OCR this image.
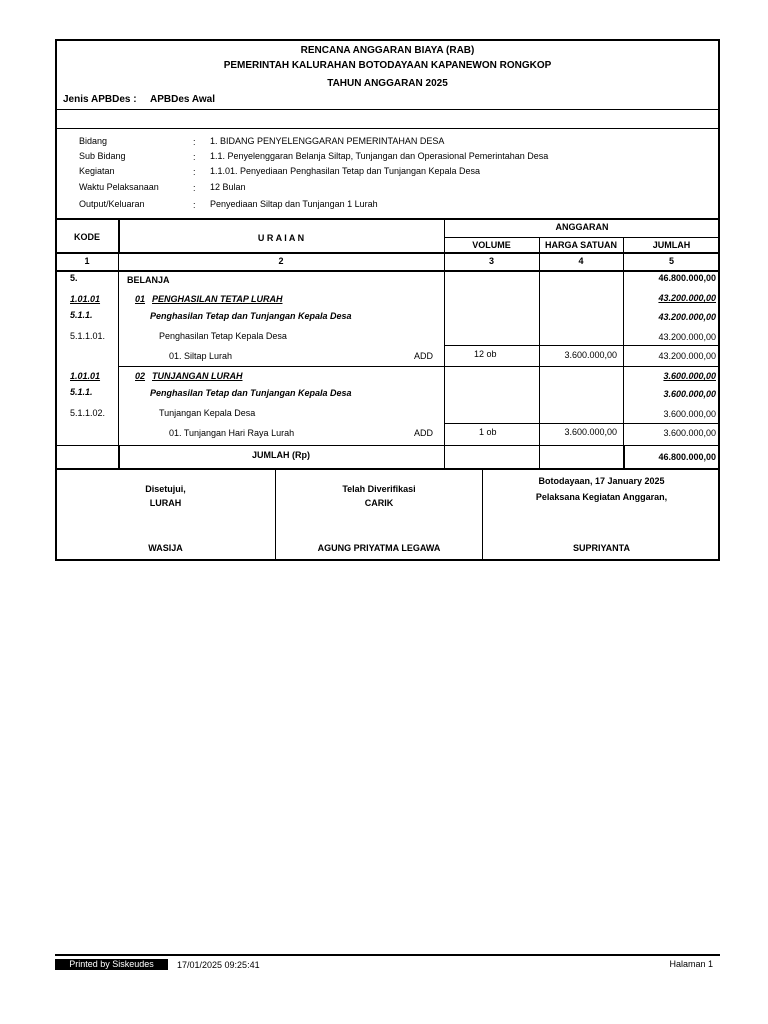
RENCANA ANGGARAN BIAYA (RAB)
PEMERINTAH KALURAHAN BOTODAYAAN KAPANEWON RONGKOP
TAHUN ANGGARAN 2025
Jenis APBDes : APBDes Awal
Bidang	: 1. BIDANG PENYELENGGARAN PEMERINTAHAN DESA
Sub Bidang	: 1.1. Penyelenggaran Belanja Siltap, Tunjangan dan Operasional Pemerintahan Desa
Kegiatan	: 1.1.01. Penyediaan Penghasilan Tetap dan Tunjangan Kepala Desa
Waktu Pelaksanaan	: 12 Bulan
Output/Keluaran	: Penyediaan Siltap dan Tunjangan 1 Lurah
KODE	U R A I A N
ANGGARAN
VOLUME	HARGA SATUAN	JUMLAH
1	2	3	4	5
5.	BELANJA	46.800.000,00
1.01.01	01 PENGHASILAN TETAP LURAH	43.200.000,00
5.1.1.	Penghasilan Tetap dan Tunjangan Kepala Desa	43.200.000,00
5.1.1.01.	Penghasilan Tetap Kepala Desa	43.200.000,00
01. Siltap Lurah	ADD	12 ob	3.600.000,00	43.200.000,00
1.01.01	02 TUNJANGAN LURAH	3.600.000,00
5.1.1.	Penghasilan Tetap dan Tunjangan Kepala Desa	3.600.000,00
5.1.1.02.	Tunjangan Kepala Desa	3.600.000,00
01. Tunjangan Hari Raya Lurah	ADD	1 ob	3.600.000,00	3.600.000,00
JUMLAH (Rp)	46.800.000,00
Disetujui,
LURAH
WASIJA
Telah Diverifikasi
CARIK
AGUNG PRIYATMA LEGAWA
Botodayaan, 17 January 2025
Pelaksana Kegiatan Anggaran,
SUPRIYANTA
Printed by Siskeudes	17/01/2025 09:25:41	Halaman 1
